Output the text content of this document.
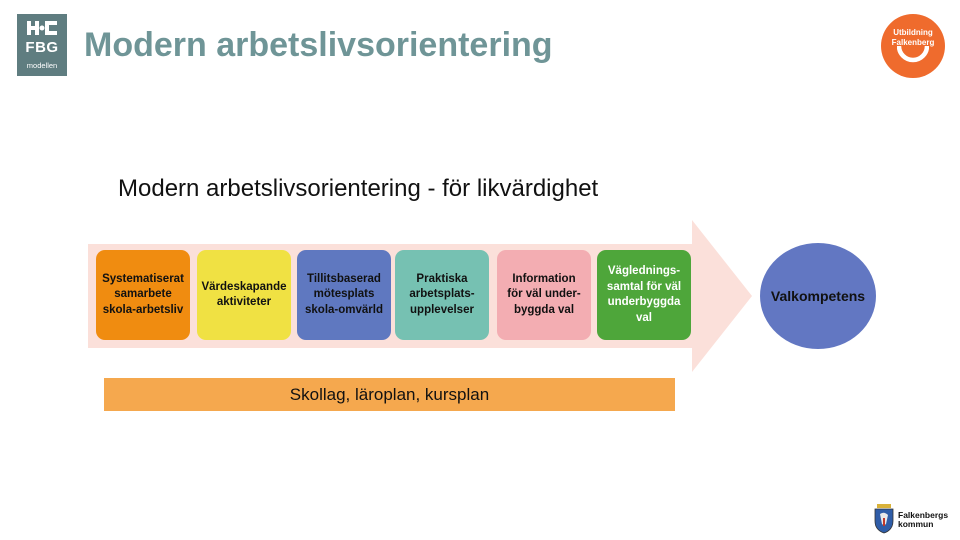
FBG
modellen
Modern arbetslivsorientering	Utbildning
Falkenberg
Modern arbetslivsorientering - för likvärdighet
Systematiserat
samarbete
skola-arbetsliv
Värdeskapande
aktiviteter
Tillitsbaserad
mötesplats
skola-omvärld
Praktiska
arbetsplats-
upplevelser
Information
för väl under-
byggda val
Väglednings-
samtal för väl
underbyggda
val
Valkompetens
Skollag, läroplan, kursplan
Falkenbergs
kommun
